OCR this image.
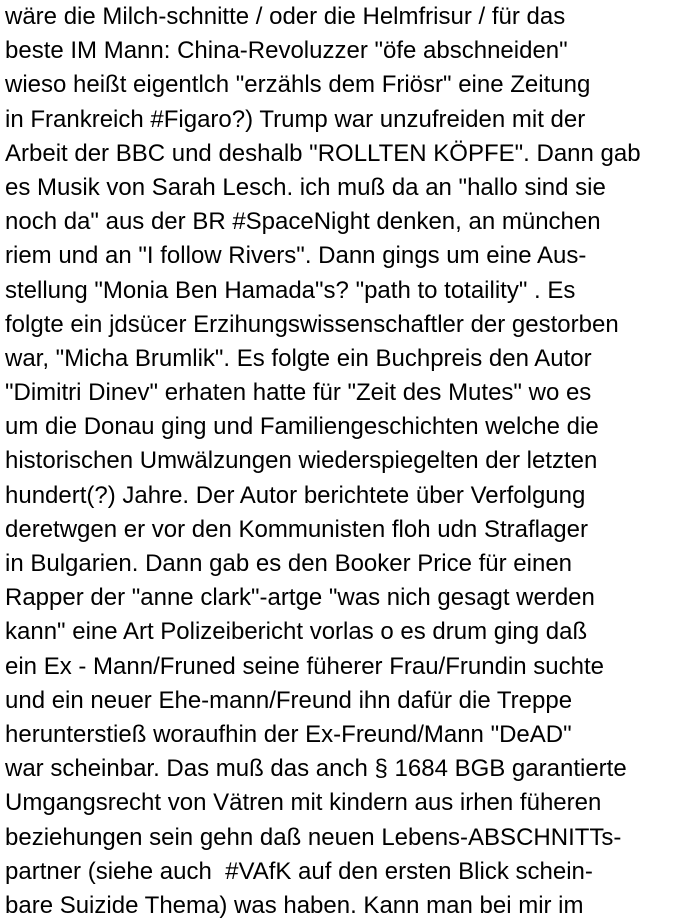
wäre die Milch-schnitte / oder die Helmfrisur / für das
beste IM Mann: China-Revoluzzer "öfe abschneiden"
wieso heißt eigentlch "erzähls dem Friösr" eine Zeitung
in Frankreich #Figaro?) Trump war unzufreiden mit der
Arbeit der BBC und deshalb "ROLLTEN KÖPFE". Dann gab
es Musik von Sarah Lesch. ich muß da an "hallo sind sie
noch da" aus der BR #SpaceNight denken, an münchen
riem und an "I follow Rivers". Dann gings um eine Aus-
stellung "Monia Ben Hamada"s? "path to totaility" . Es
folgte ein jdsücer Erzihungswissenschaftler der gestorben
war, "Micha Brumlik". Es folgte ein Buchpreis den Autor
"Dimitri Dinev" erhaten hatte für "Zeit des Mutes" wo es
um die Donau ging und Familiengeschichten welche die
historischen Umwälzungen wiederspiegelten der letzten
hundert(?) Jahre. Der Autor berichtete über Verfolgung
deretwgen er vor den Kommunisten floh udn Straflager
in Bulgarien. Dann gab es den Booker Price für einen
Rapper der "anne clark"-artge "was nich gesagt werden
kann" eine Art Polizeibericht vorlas o es drum ging daß
ein Ex - Mann/Fruned seine füherer Frau/Frundin suchte
und ein neuer Ehe-mann/Freund ihn dafür die Treppe
herunterstieß woraufhin der Ex-Freund/Mann "DeAD"
war scheinbar. Das muß das anch § 1684 BGB garantierte
Umgangsrecht von Vätren mit kindern aus irhen füheren
beziehungen sein gehn daß neuen Lebens-ABSCHNITTs-
partner (siehe auch  #VAfK auf den ersten Blick schein-
bare Suizide Thema) was haben. Kann man bei mir im
